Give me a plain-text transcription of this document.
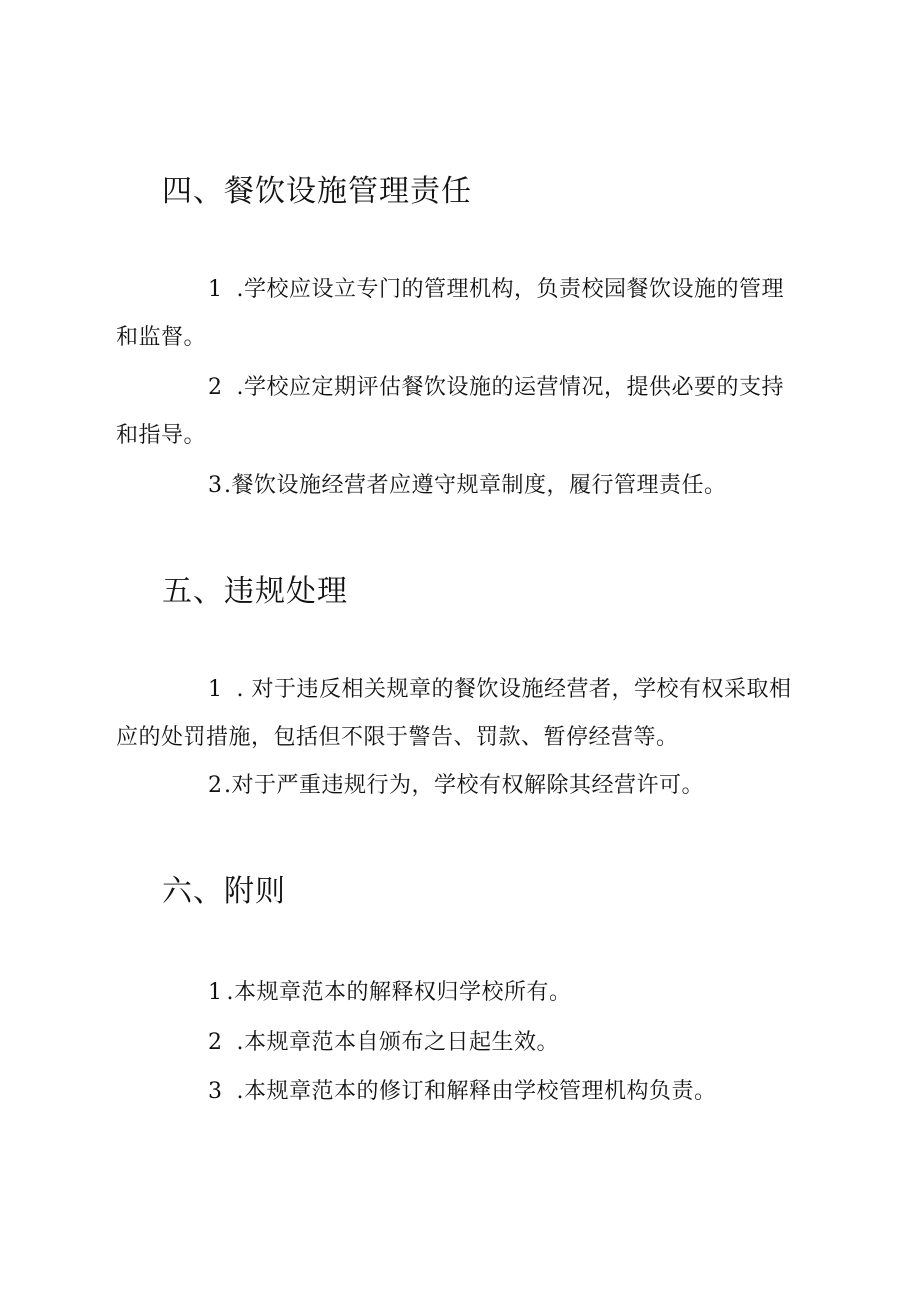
四、餐饮设施管理责任

1 .学校应设立专门的管理机构，负责校园餐饮设施的管理和监督。

2 .学校应定期评估餐饮设施的运营情况，提供必要的支持和指导。

3.餐饮设施经营者应遵守规章制度，履行管理责任。

五、违规处理

1 . 对于违反相关规章的餐饮设施经营者，学校有权采取相应的处罚措施，包括但不限于警告、罚款、暂停经营等。

2.对于严重违规行为，学校有权解除其经营许可。

六、附则

1 .本规章范本的解释权归学校所有。

2 .本规章范本自颁布之日起生效。

3 .本规章范本的修订和解释由学校管理机构负责。
